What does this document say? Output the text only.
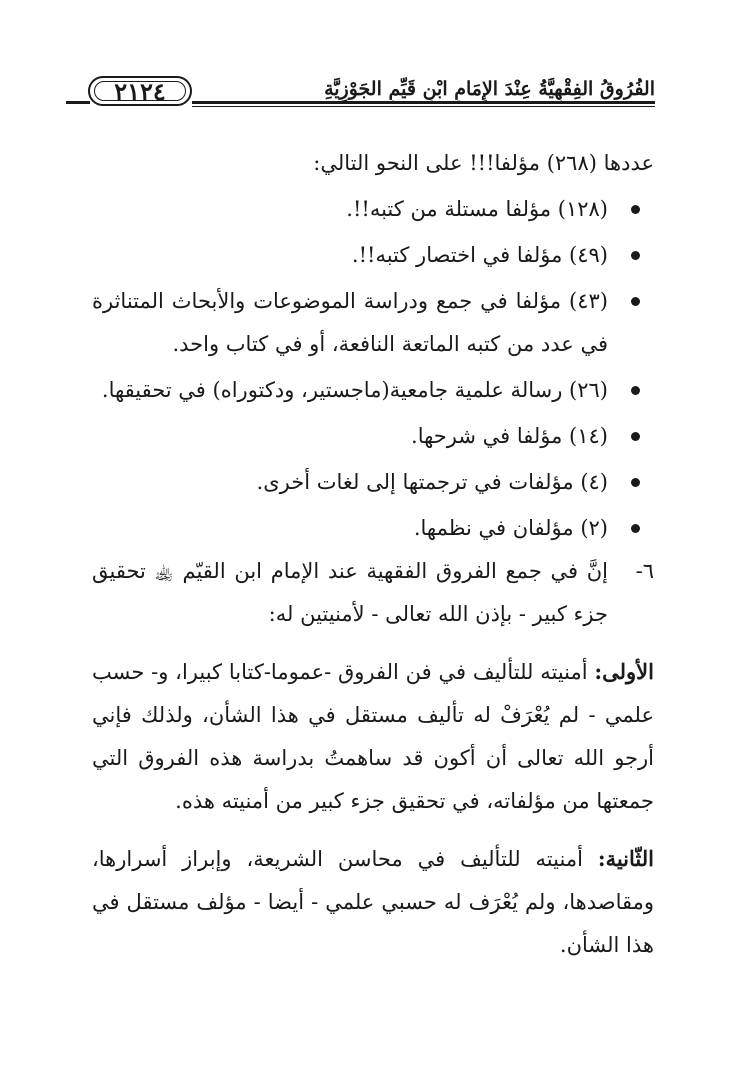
٢١٢٤	الفُرُوقُ الفِقْهِيَّةُ عِنْدَ الإِمَامِ ابْنِ قَيِّمِ الجَوْزِيَّةِ

عددها (٢٦٨) مؤلفا!!! على النحو التالي:

(١٢٨) مؤلفا مستلة من كتبه!!.
(٤٩) مؤلفا في اختصار كتبه!!.
(٤٣) مؤلفا في جمع ودراسة الموضوعات والأبحاث المتناثرة في عدد من كتبه الماتعة النافعة، أو في كتاب واحد.
(٢٦) رسالة علمية جامعية(ماجستير، ودكتوراه) في تحقيقها.
(١٤) مؤلفا في شرحها.
(٤) مؤلفات في ترجمتها إلى لغات أخرى.
(٢) مؤلفان في نظمها.

٦-
إنَّ في جمع الفروق الفقهية عند الإمام ابن القيّم ﵀ تحقيق جزء كبير - بإذن الله تعالى - لأمنيتين له:

الأولى: أمنيته للتأليف في فن الفروق -عموما-كتابا كبيرا، و- حسب علمي - لم يُعْرَفْ له تأليف مستقل في هذا الشأن، ولذلك فإني أرجو الله تعالى أن أكون قد ساهمتُ بدراسة هذه الفروق التي جمعتها من مؤلفاته، في تحقيق جزء كبير من أمنيته هذه.

الثّانية: أمنيته للتأليف في محاسن الشريعة، وإبراز أسرارها، ومقاصدها، ولم يُعْرَف له حسبي علمي - أيضا - مؤلف مستقل في هذا الشأن.
